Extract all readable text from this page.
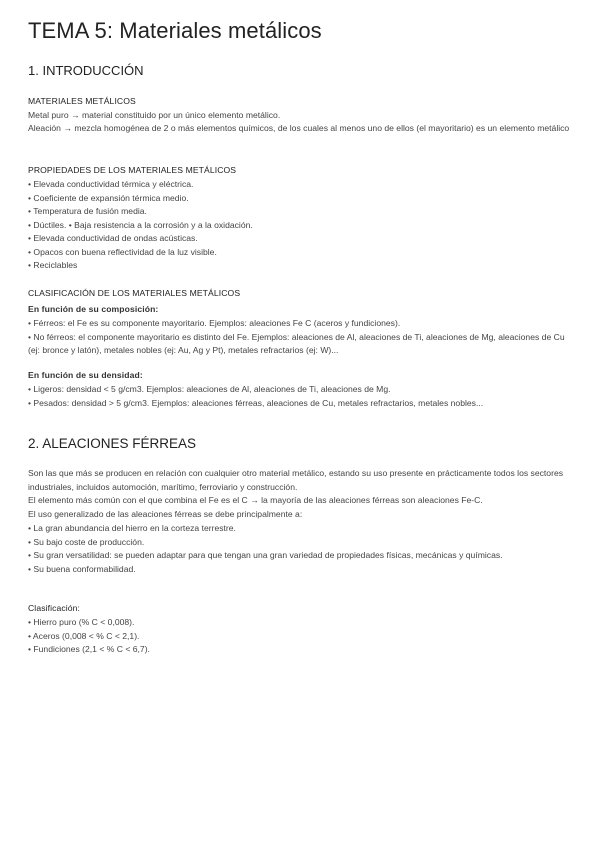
TEMA 5: Materiales metálicos
1. INTRODUCCIÓN

MATERIALES METÁLICOS

Metal puro → material constituido por un único elemento metálico.

Aleación → mezcla homogénea de 2 o más elementos químicos, de los cuales al menos uno de ellos (el mayoritario) es un elemento metálico

PROPIEDADES DE LOS MATERIALES METÁLICOS

• Elevada conductividad térmica y eléctrica.
• Coeficiente de expansión térmica medio.
• Temperatura de fusión media.
• Dúctiles. • Baja resistencia a la corrosión y a la oxidación.
• Elevada conductividad de ondas acústicas.
• Opacos con buena reflectividad de la luz visible.
• Reciclables

CLASIFICACIÓN DE LOS MATERIALES METÁLICOS

En función de su composición:

• Férreos: el Fe es su componente mayoritario. Ejemplos: aleaciones Fe C (aceros y fundiciones).
• No férreos: el componente mayoritario es distinto del Fe. Ejemplos: aleaciones de Al, aleaciones de Ti, aleaciones de Mg, aleaciones de Cu (ej: bronce y latón), metales nobles (ej: Au, Ag y Pt), metales refractarios (ej: W)...

En función de su densidad:

• Ligeros: densidad < 5 g/cm3. Ejemplos: aleaciones de Al, aleaciones de Ti, aleaciones de Mg.
• Pesados: densidad > 5 g/cm3. Ejemplos: aleaciones férreas, aleaciones de Cu, metales refractarios, metales nobles...
2. ALEACIONES FÉRREAS

Son las que más se producen en relación con cualquier otro material metálico, estando su uso presente en prácticamente todos los sectores industriales, incluidos automoción, marítimo, ferroviario y construcción.

El elemento más común con el que combina el Fe es el C → la mayoría de las aleaciones férreas son aleaciones Fe-C.

El uso generalizado de las aleaciones férreas se debe principalmente a:

• La gran abundancia del hierro en la corteza terrestre.
• Su bajo coste de producción.
• Su gran versatilidad: se pueden adaptar para que tengan una gran variedad de propiedades físicas, mecánicas y químicas.
• Su buena conformabilidad.

Clasificación:

• Hierro puro (% C < 0,008).
• Aceros (0,008 < % C < 2,1).
• Fundiciones (2,1 < % C < 6,7).
